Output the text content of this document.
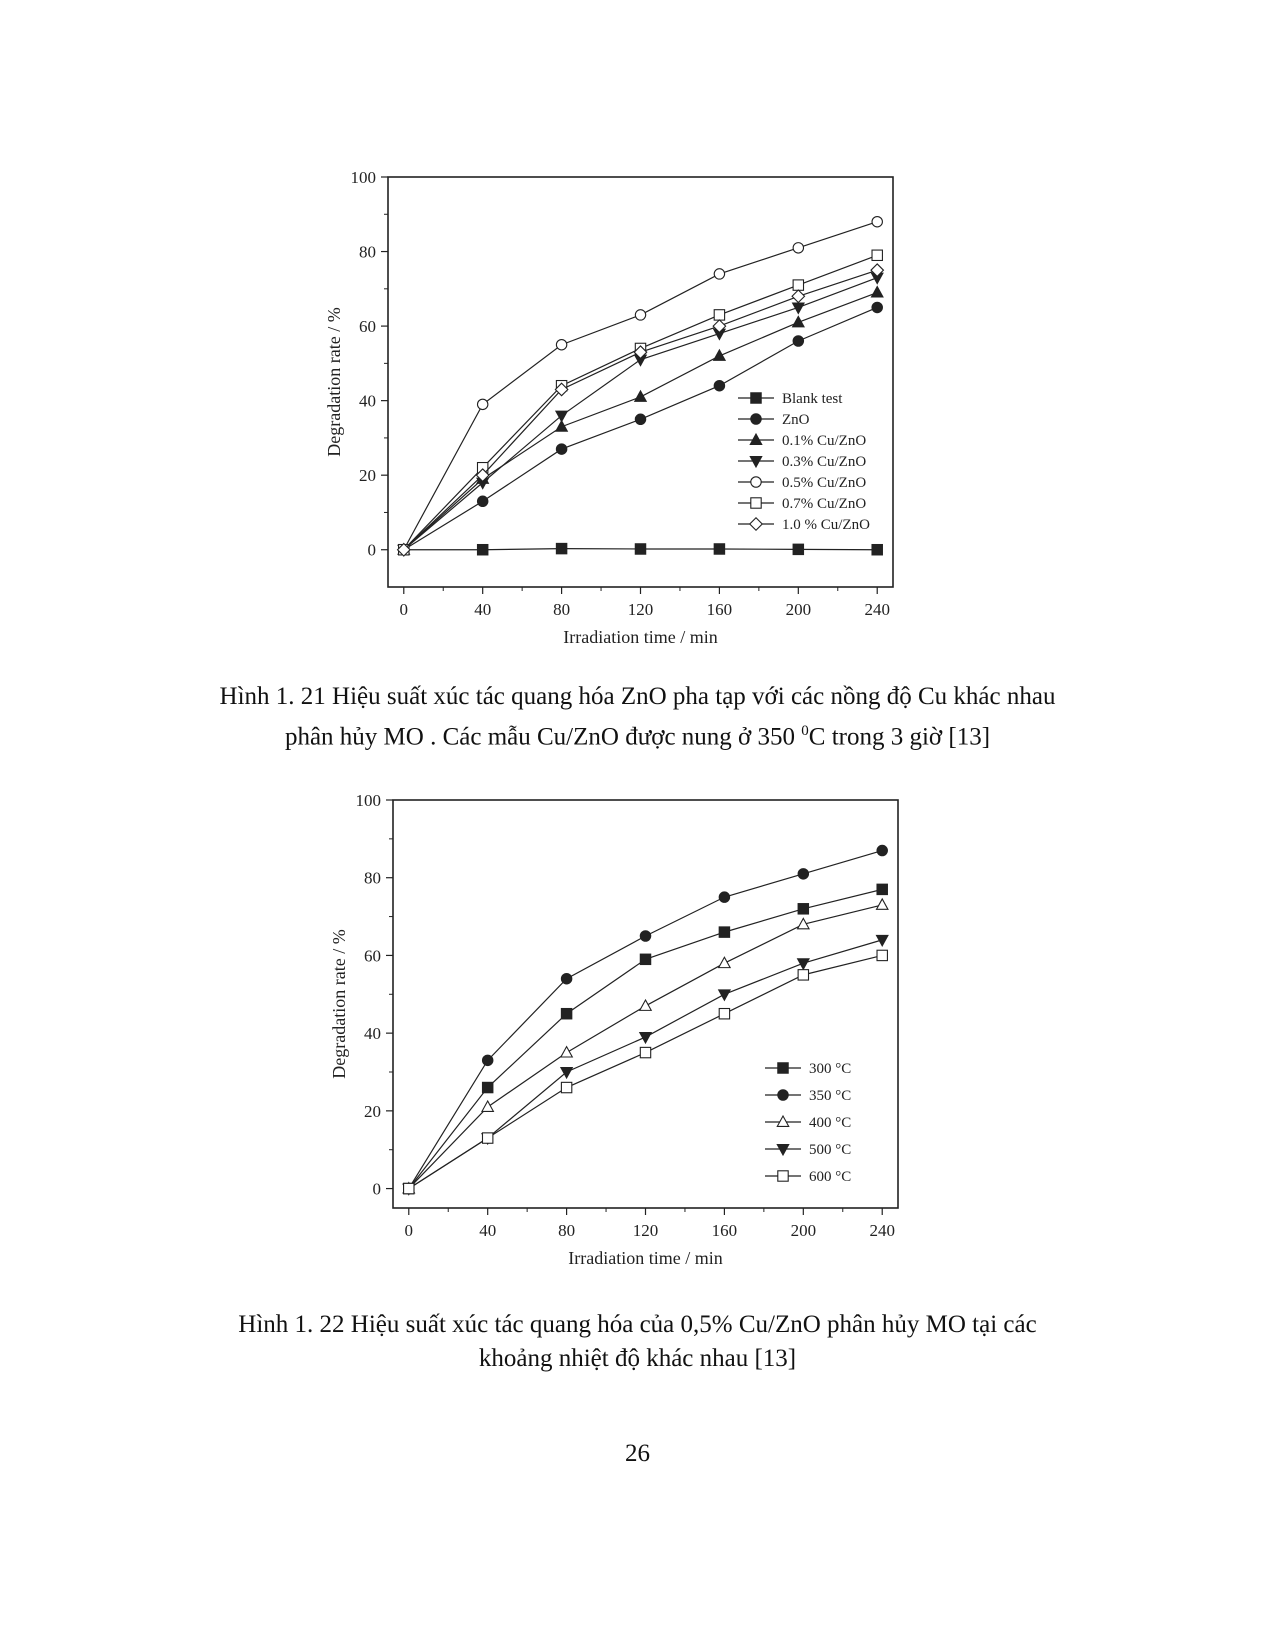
0	40	80	120	160	200	240
0
20
40
60
80
100
Irradiation time / min
Degradation rate / %	Blank test
ZnO
0.1% Cu/ZnO
0.3% Cu/ZnO
0.5% Cu/ZnO
0.7% Cu/ZnO
1.0 % Cu/ZnO
Hình 1. 21 Hiệu suất xúc tác quang hóa ZnO pha tạp với các nồng độ Cu khác nhau
phân hủy MO . Các mẫu Cu/ZnO được nung ở 350 $^0$C trong 3 giờ [13]
0	40	80	120	160	200	240
0
20
40
60
80
100
Irradiation time / min
Degradation rate / %	300 °C
350 °C
400 °C
500 °C
600 °C
Hình 1. 22 Hiệu suất xúc tác quang hóa của 0,5% Cu/ZnO phân hủy MO tại các
khoảng nhiệt độ khác nhau [13]
26
